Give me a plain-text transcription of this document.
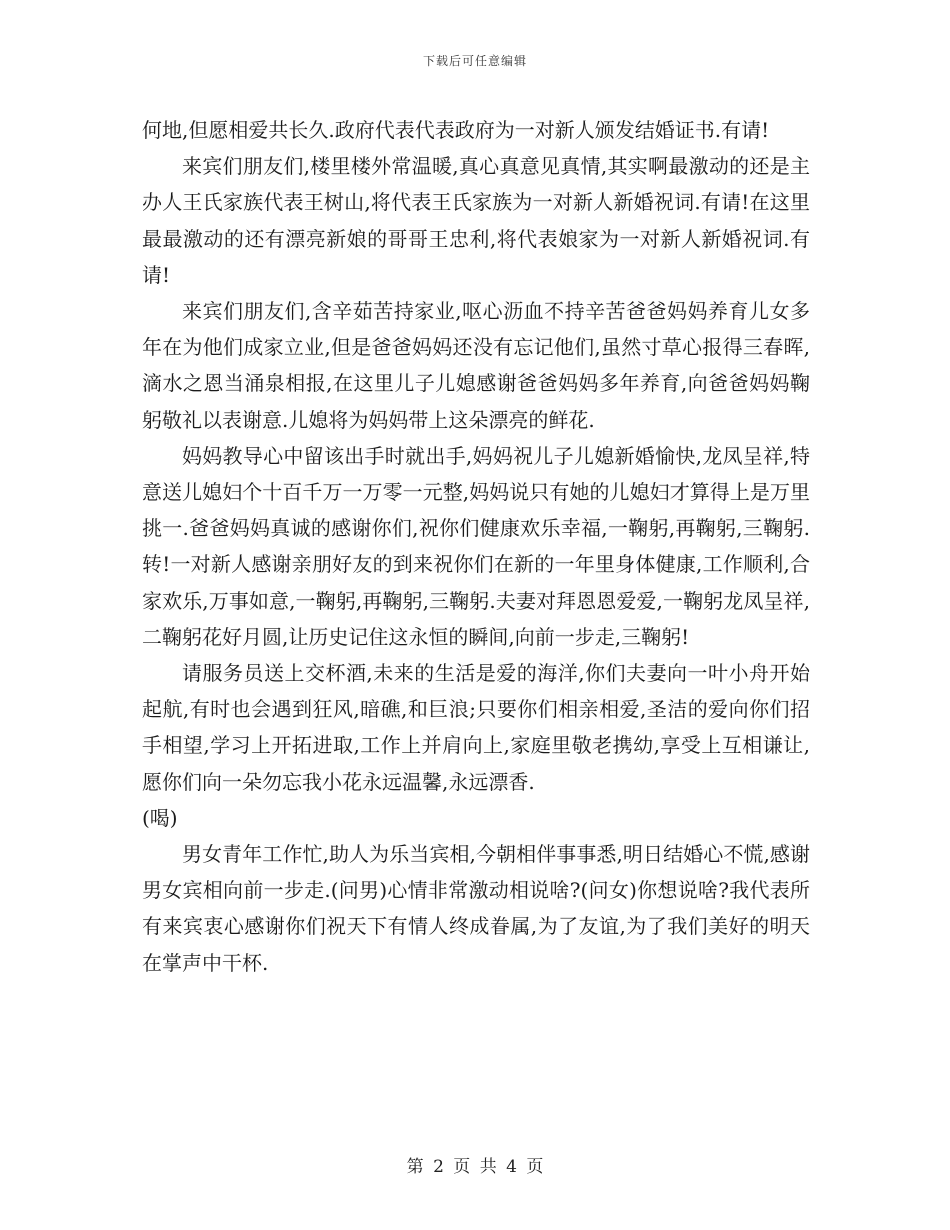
下载后可任意编辑

何地,但愿相爱共长久.政府代表代表政府为一对新人颁发结婚证书.有请!

来宾们朋友们,楼里楼外常温暖,真心真意见真情,其实啊最激动的还是主办人王氏家族代表王树山,将代表王氏家族为一对新人新婚祝词.有请!在这里最最激动的还有漂亮新娘的哥哥王忠利,将代表娘家为一对新人新婚祝词.有请!

来宾们朋友们,含辛茹苦持家业,呕心沥血不持辛苦爸爸妈妈养育儿女多年在为他们成家立业,但是爸爸妈妈还没有忘记他们,虽然寸草心报得三春晖,滴水之恩当涌泉相报,在这里儿子儿媳感谢爸爸妈妈多年养育,向爸爸妈妈鞠躬敬礼以表谢意.儿媳将为妈妈带上这朵漂亮的鲜花.

妈妈教导心中留该出手时就出手,妈妈祝儿子儿媳新婚愉快,龙凤呈祥,特意送儿媳妇个十百千万一万零一元整,妈妈说只有她的儿媳妇才算得上是万里挑一.爸爸妈妈真诚的感谢你们,祝你们健康欢乐幸福,一鞠躬,再鞠躬,三鞠躬.转!一对新人感谢亲朋好友的到来祝你们在新的一年里身体健康,工作顺利,合家欢乐,万事如意,一鞠躬,再鞠躬,三鞠躬.夫妻对拜恩恩爱爱,一鞠躬龙凤呈祥,二鞠躬花好月圆,让历史记住这永恒的瞬间,向前一步走,三鞠躬!

请服务员送上交杯酒,未来的生活是爱的海洋,你们夫妻向一叶小舟开始起航,有时也会遇到狂风,暗礁,和巨浪;只要你们相亲相爱,圣洁的爱向你们招手相望,学习上开拓进取,工作上并肩向上,家庭里敬老携幼,享受上互相谦让,愿你们向一朵勿忘我小花永远温馨,永远漂香.

(喝)

男女青年工作忙,助人为乐当宾相,今朝相伴事事悉,明日结婚心不慌,感谢男女宾相向前一步走.(问男)心情非常激动相说啥?(问女)你想说啥?我代表所有来宾衷心感谢你们祝天下有情人终成眷属,为了友谊,为了我们美好的明天在掌声中干杯.

第 2 页 共 4 页
